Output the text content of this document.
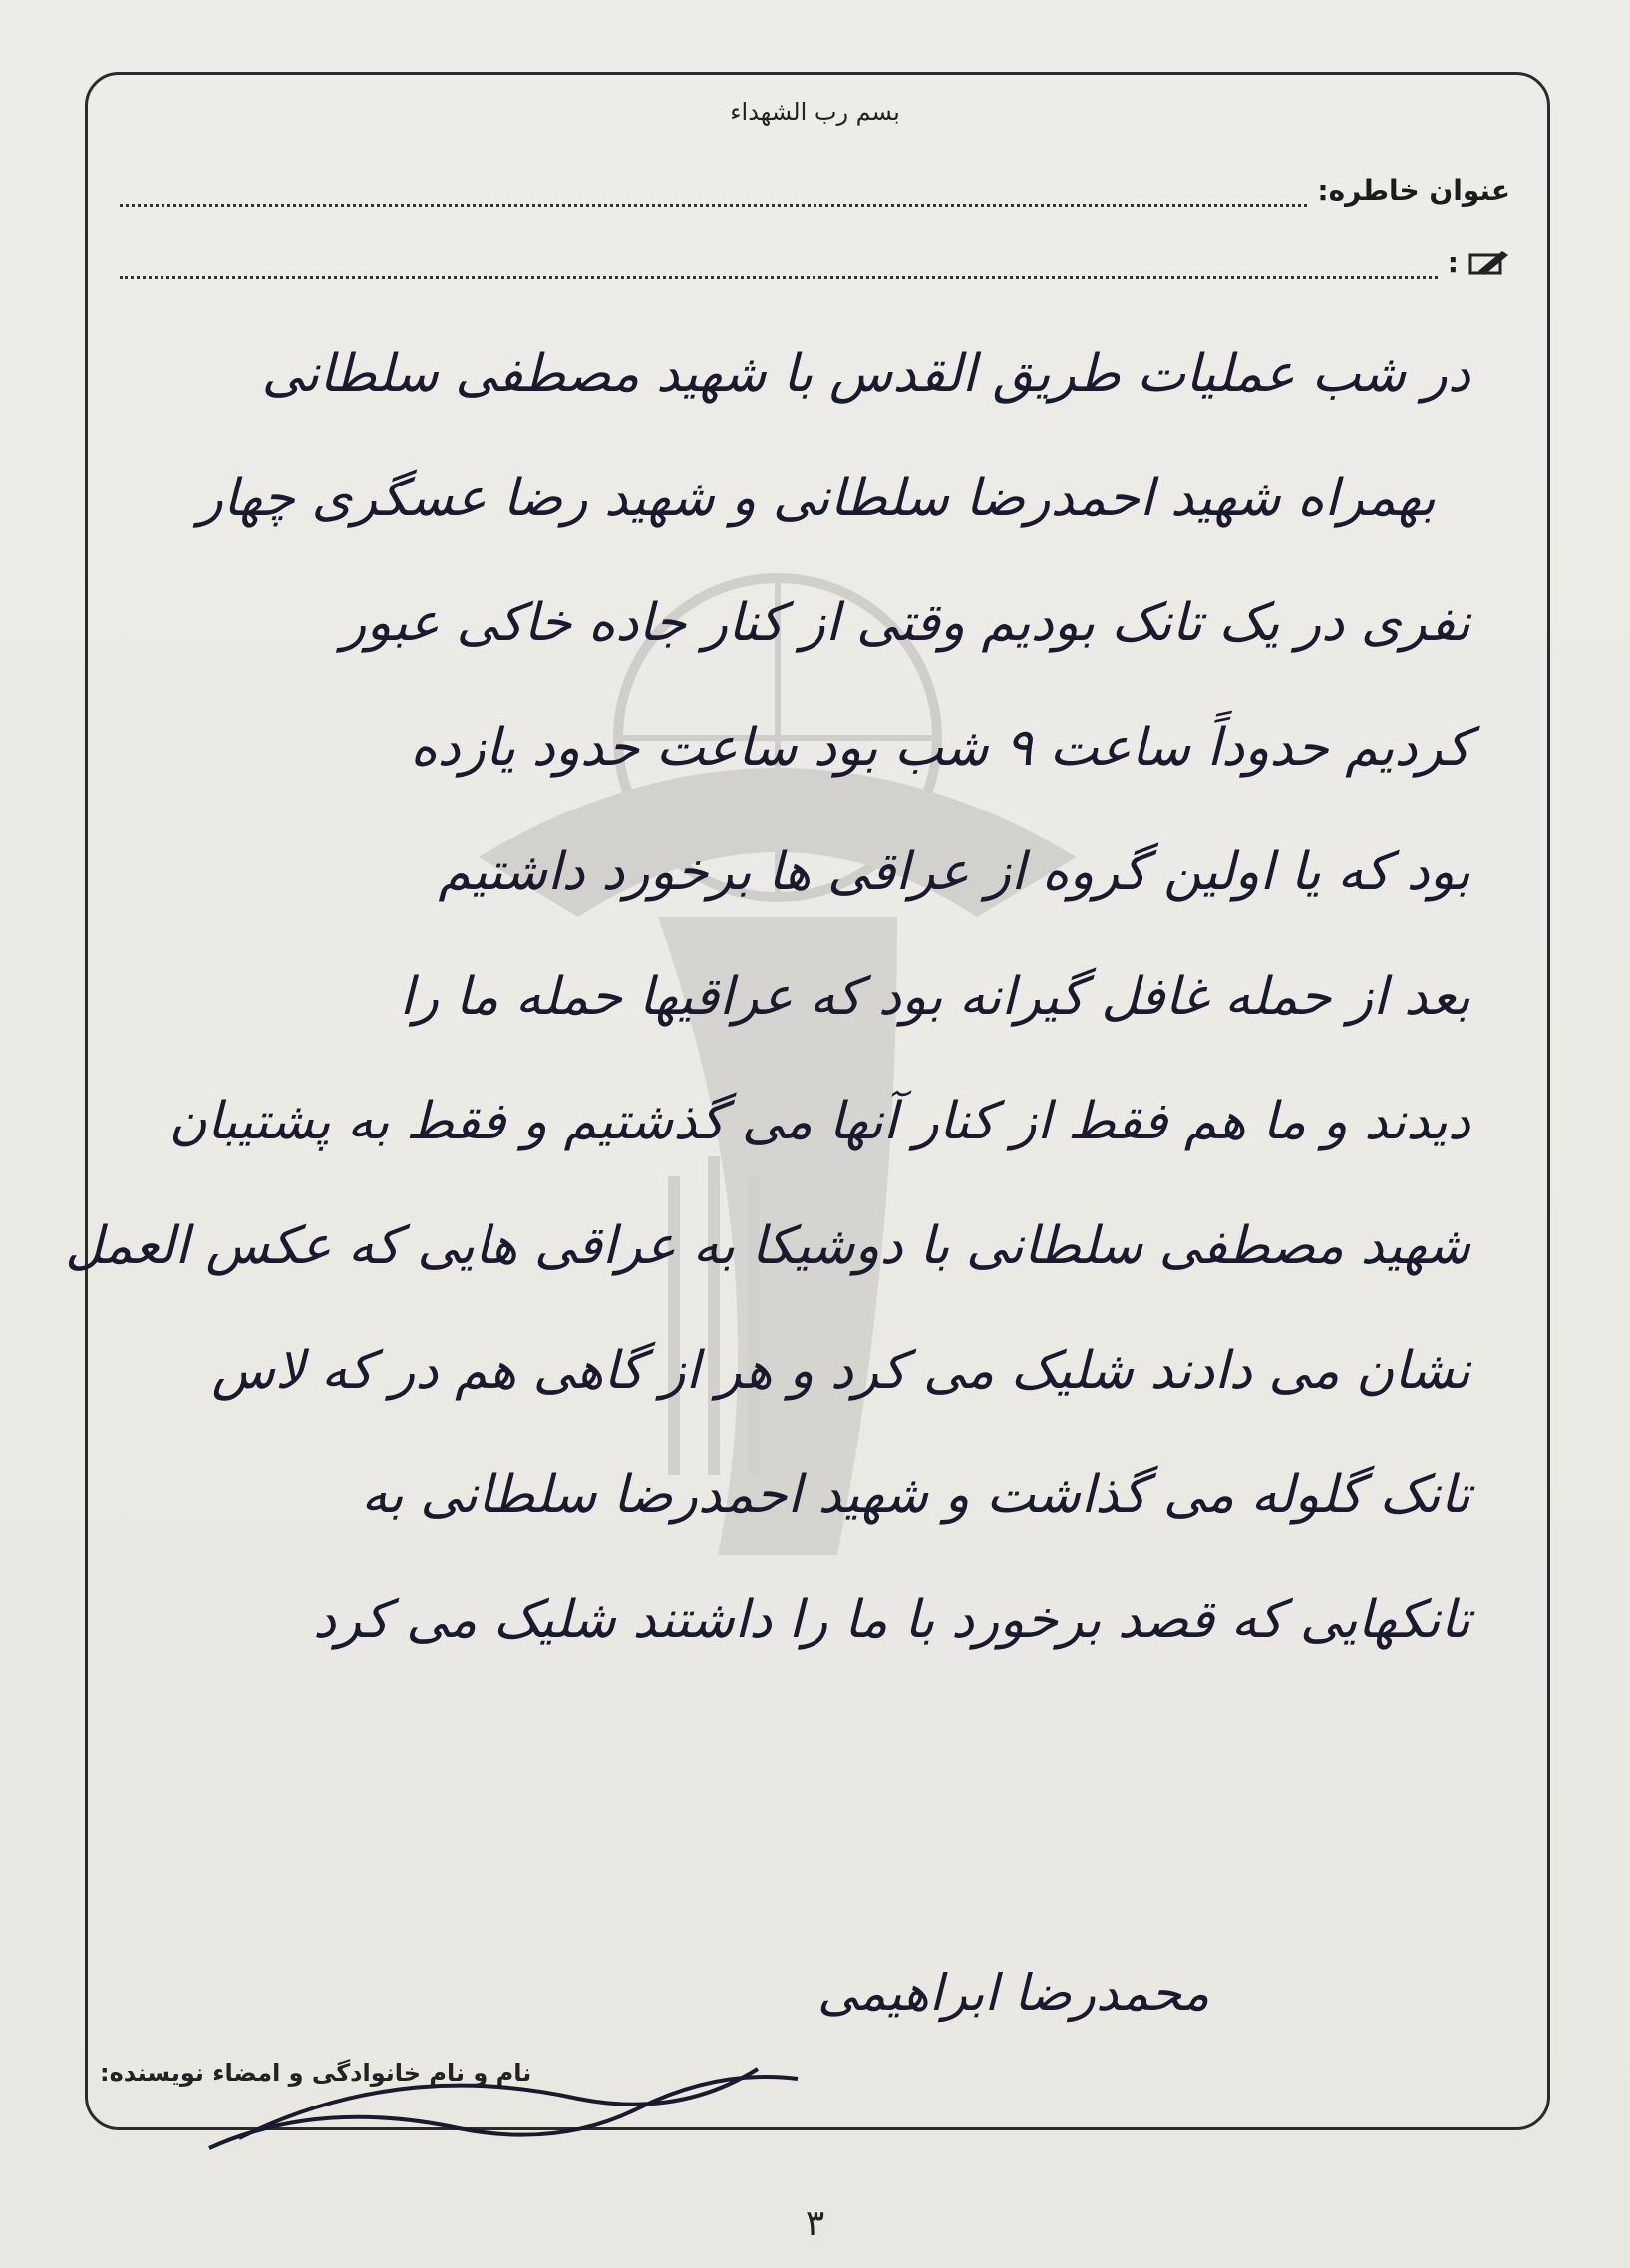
بسم رب الشهداء
عنوان خاطره:
:
در شب عملیات طریق القدس با شهید مصطفی سلطانی
بهمراه شهید احمدرضا سلطانی و شهید رضا عسگری چهار
نفری در یک تانک بودیم وقتی از کنار جاده خاکی عبور
کردیم حدوداً ساعت ۹ شب بود ساعت حدود یازده
بود که یا اولین گروه از عراقی ها برخورد داشتیم
بعد از حمله غافل گیرانه بود که عراقیها حمله ما را
دیدند و ما هم فقط از کنار آنها می گذشتیم و فقط به پشتیبان
شهید مصطفی سلطانی با دوشیکا به عراقی هایی که عکس العمل
نشان می دادند شلیک می کرد و هر از گاهی هم در که لاس
تانک گلوله می گذاشت و شهید احمدرضا سلطانی به
تانکهایی که قصد برخورد با ما را داشتند شلیک می کرد
محمدرضا ابراهیمی
نام و نام خانوادگی و امضاء نویسنده:
۳
